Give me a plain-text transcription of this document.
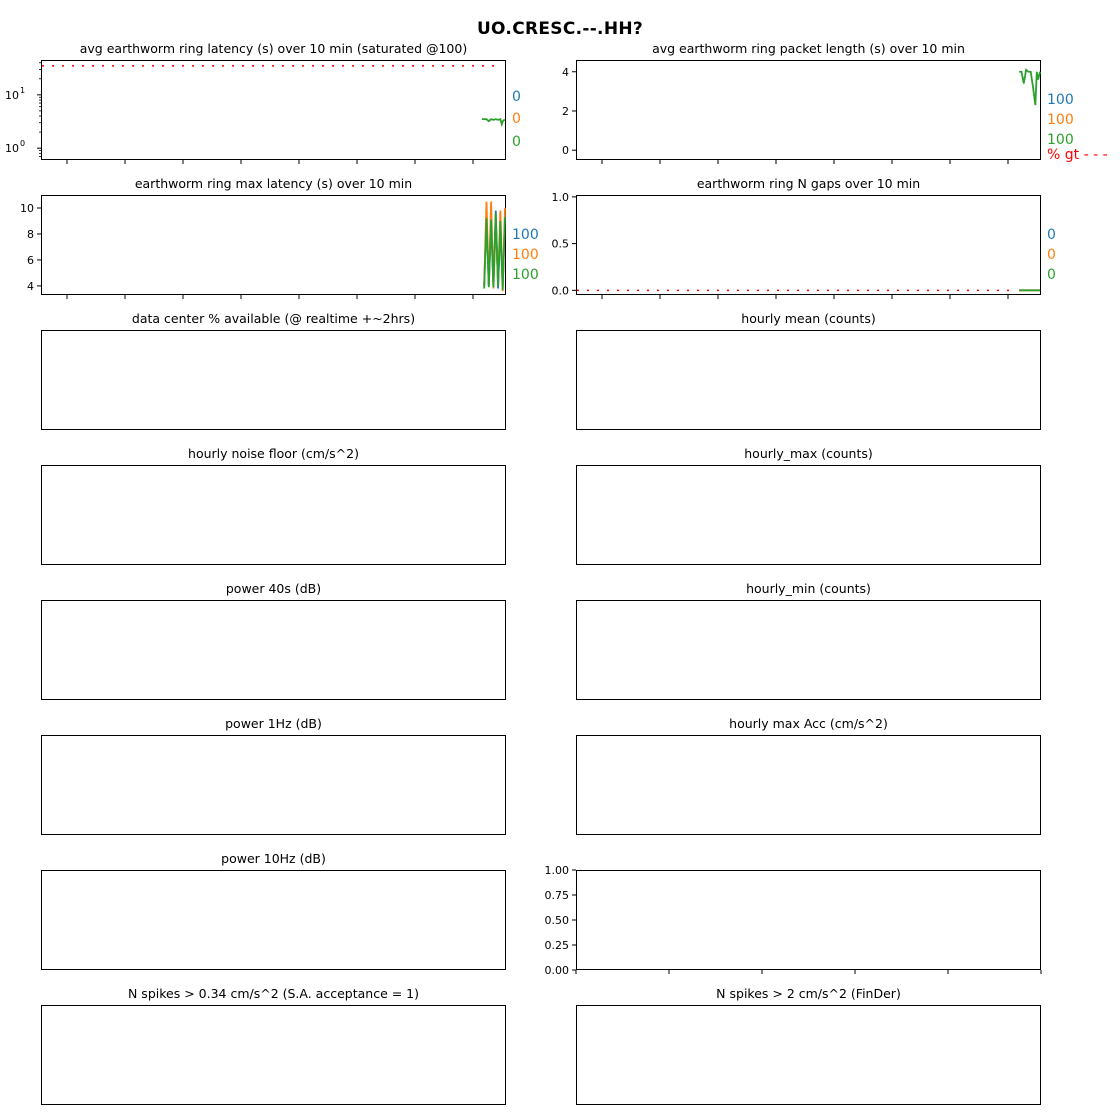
UO.CRESC.--.HH?
avg earthworm ring latency (s) over 10 min (saturated @100)	avg earthworm ring packet length (s) over 10 min
earthworm ring max latency (s) over 10 min	earthworm ring N gaps over 10 min
data center % available (@ realtime +~2hrs)	hourly mean (counts)
hourly noise floor (cm/s^2)	hourly_max (counts)
power 40s (dB)	hourly_min (counts)
power 1Hz (dB)	hourly max Acc (cm/s^2)
power 10Hz (dB)
N spikes > 0.34 cm/s^2 (S.A. acceptance = 1)	N spikes > 2 cm/s^2 (FinDer)
10 0
10 1	0
0
0
0
2
4
100
100
100
% gt - - -
4
6
8
10
100
100
100
0.0
0.5
1.0
0
0
0
0.00
0.25
0.50
0.75
1.00
